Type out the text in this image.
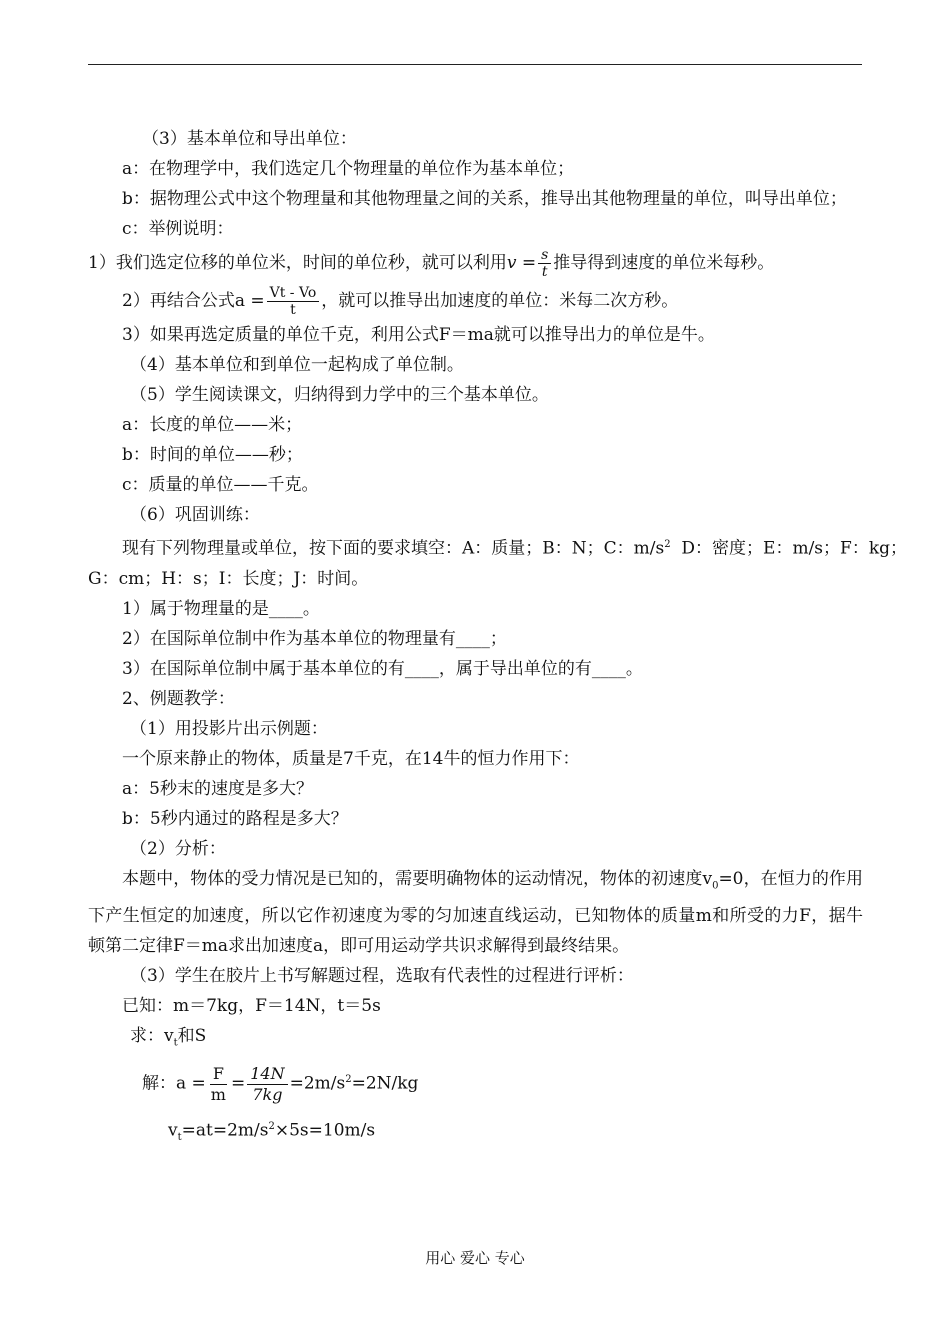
（3）基本单位和导出单位：

a：在物理学中，我们选定几个物理量的单位作为基本单位；

b：据物理公式中这个物理量和其他物理量之间的关系，推导出其他物理量的单位，叫导出单位；

c：举例说明：

1）我们选定位移的单位米，时间的单位秒，就可以利用$v = \frac{s}{t}$ 推导得到速度的单位米每秒。

2）再结合公式$a = \frac{Vt - Vo}{t}$ ，就可以推导出加速度的单位：米每二次方秒。

3）如果再选定质量的单位千克，利用公式F＝ma就可以推导出力的单位是牛。

（4）基本单位和到单位一起构成了单位制。

（5）学生阅读课文，归纳得到力学中的三个基本单位。

a：长度的单位——米；

b：时间的单位——秒；

c：质量的单位——千克。

（6）巩固训练：

现有下列物理量或单位，按下面的要求填空：A：质量；B：N；C：$m/s^2$  D：密度；E：m/s；F：kg；

G：cm；H：s；I：长度；J：时间。

1）属于物理量的是____。

2）在国际单位制中作为基本单位的物理量有____；

3）在国际单位制中属于基本单位的有____，属于导出单位的有____。

2、例题教学：

（1）用投影片出示例题：

一个原来静止的物体，质量是7千克，在14牛的恒力作用下：

a：5秒末的速度是多大？

b：5秒内通过的路程是多大？

（2）分析：

本题中，物体的受力情况是已知的，需要明确物体的运动情况，物体的初速度$v_0=0$，在恒力的作用下产生恒定的加速度，所以它作初速度为零的匀加速直线运动，已知物体的质量m和所受的力F，据牛顿第二定律F＝ma求出加速度a，即可用运动学共识求解得到最终结果。

（3）学生在胶片上书写解题过程，选取有代表性的过程进行评析：

已知：m＝7kg，F＝14N，t＝5s

求：$v_t$和S

解：$a = \frac{F}{m} = \frac{14N}{7kg} =2m/s^2=2N/kg$

$v_t=at=2m/s^2\times 5s=10m/s$

用心 爱心 专心
